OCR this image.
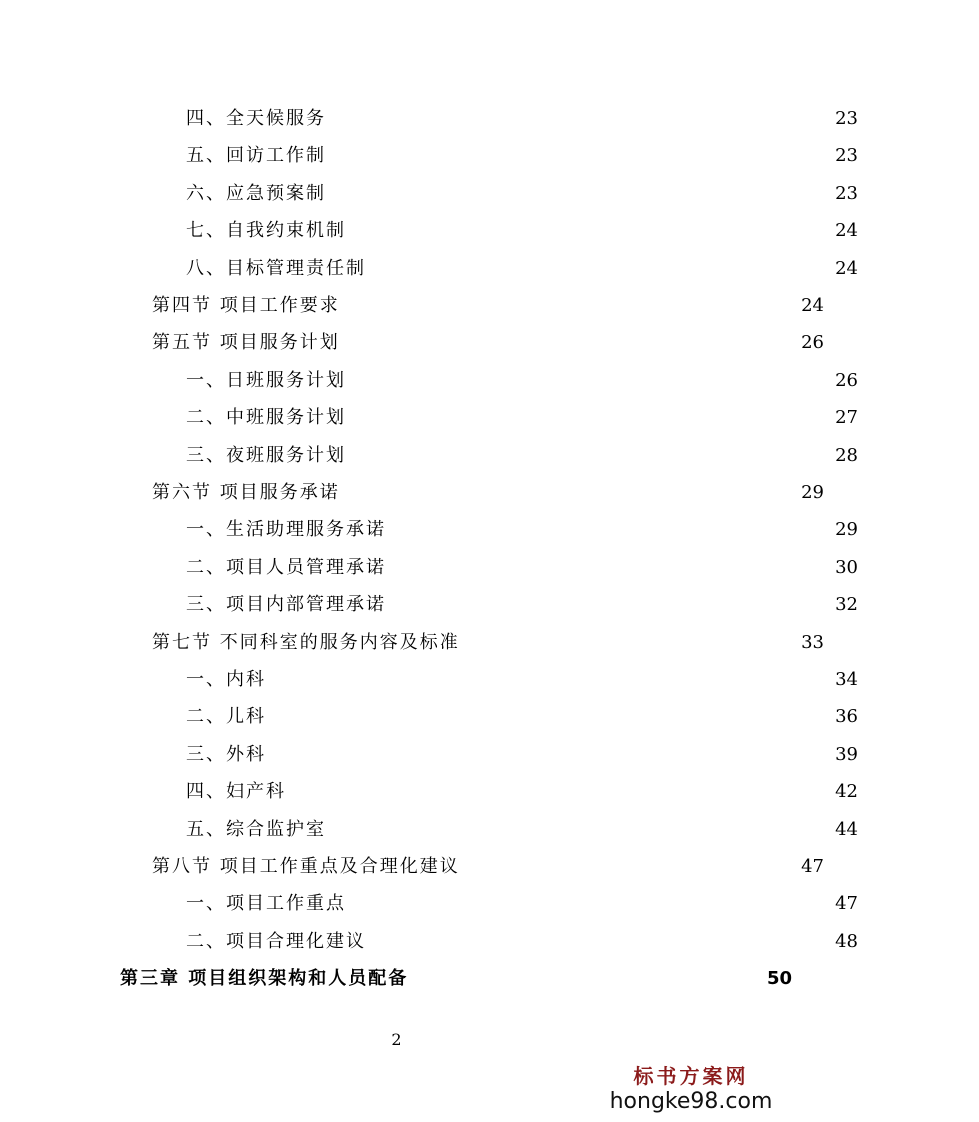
四、全天候服务	23
五、回访工作制	23
六、应急预案制	23
七、自我约束机制	24
八、目标管理责任制	24
第四节 项目工作要求	24
第五节 项目服务计划	26
一、日班服务计划	26
二、中班服务计划	27
三、夜班服务计划	28
第六节 项目服务承诺	29
一、生活助理服务承诺	29
二、项目人员管理承诺	30
三、项目内部管理承诺	32
第七节 不同科室的服务内容及标准	33
一、内科	34
二、儿科	36
三、外科	39
四、妇产科	42
五、综合监护室	44
第八节 项目工作重点及合理化建议	47
一、项目工作重点	47
二、项目合理化建议	48
第三章 项目组织架构和人员配备	50
2
标书方案网
hongke98.com
